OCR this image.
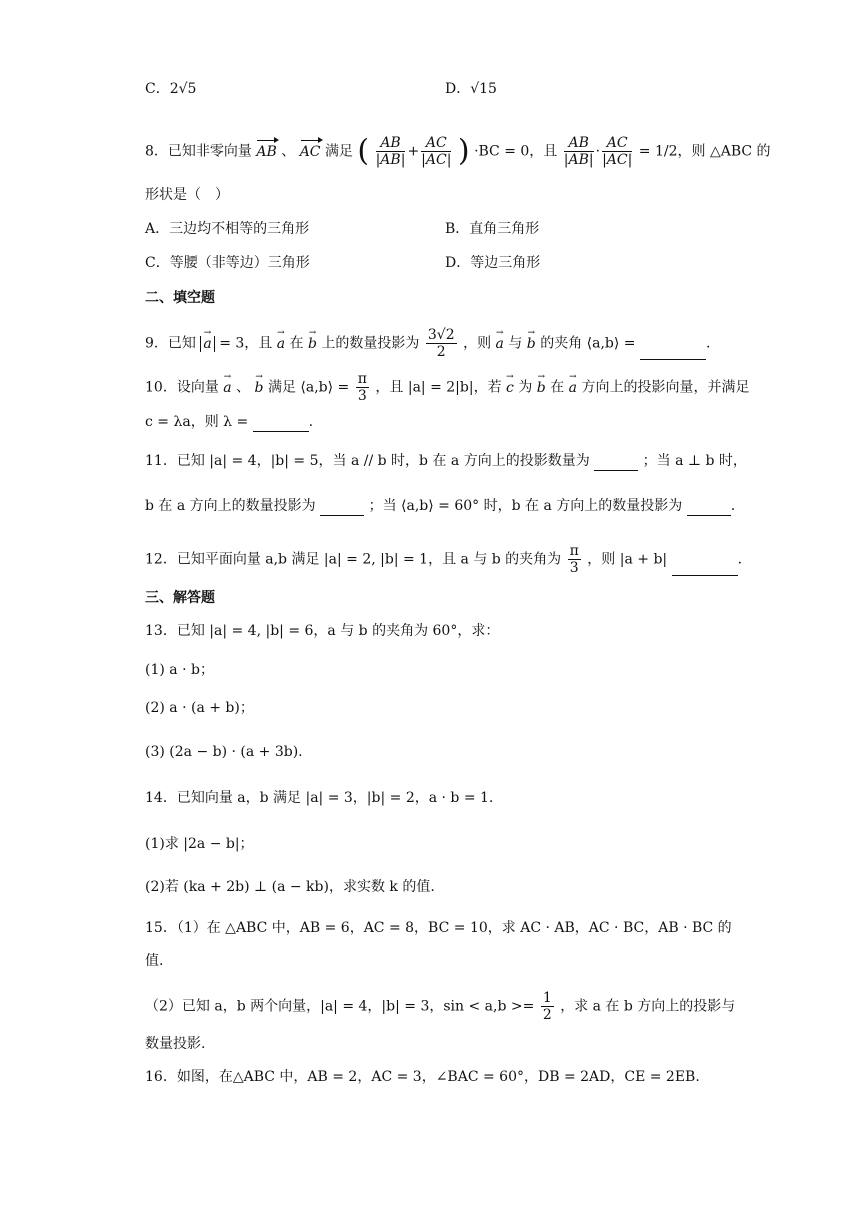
C．2√5	D．√15
8．已知非零向量 AB 、 AC 满足 ( $\frac{AB}{|AB|} + \frac{AC}{|AC|}$ ) ·BC = 0，且 $\frac{AB}{|AB|} \cdot \frac{AC}{|AC|} = 1/2$，则 △ABC 的
形状是（　）
A．三边均不相等的三角形	B．直角三角形
C．等腰（非等边）三角形	D．等边三角形
二、填空题
9．已知 → a = 3，且 → a 在 → b 上的数量投影为 $\frac{3√2}{2}$ ，则 → a 与 → b 的夹角 ⟨a,b⟩ =	.
10．设向量 → a 、 → b 满足 ⟨a,b⟩ = $\frac{\pi}{3}$ ，且 |a| = 2|b|，若 → c 为 → b 在 → a 方向上的投影向量，并满足
c = λa，则 λ =	.
11．已知 |a| = 4，|b| = 5，当 a // b 时，b 在 a 方向上的投影数量为	；当 a ⊥ b 时，
b 在 a 方向上的数量投影为	；当 ⟨a,b⟩ = 60° 时，b 在 a 方向上的数量投影为	.
12．已知平面向量 a,b 满足 |a| = 2, |b| = 1，且 a 与 b 的夹角为 $\frac{\pi}{3}$ ，则 |a + b|	.
三、解答题
13．已知 |a| = 4, |b| = 6，a 与 b 的夹角为 60°，求：
(1) a · b；
(2) a · (a + b)；
(3) (2a − b) · (a + 3b).
14．已知向量 a，b 满足 |a| = 3，|b| = 2，a · b = 1.
(1)求 |2a − b|；
(2)若 (ka + 2b) ⊥ (a − kb)，求实数 k 的值.
15．（1）在 △ABC 中，AB = 6，AC = 8，BC = 10，求 AC · AB，AC · BC，AB · BC 的
值.
（2）已知 a，b 两个向量，|a| = 4，|b| = 3，$\sin < a,b >= \frac{1}{2}$ ，求 a 在 b 方向上的投影与
数量投影.
16．如图，在△ABC 中，AB = 2，AC = 3，∠BAC = 60°，DB = 2AD，CE = 2EB.
